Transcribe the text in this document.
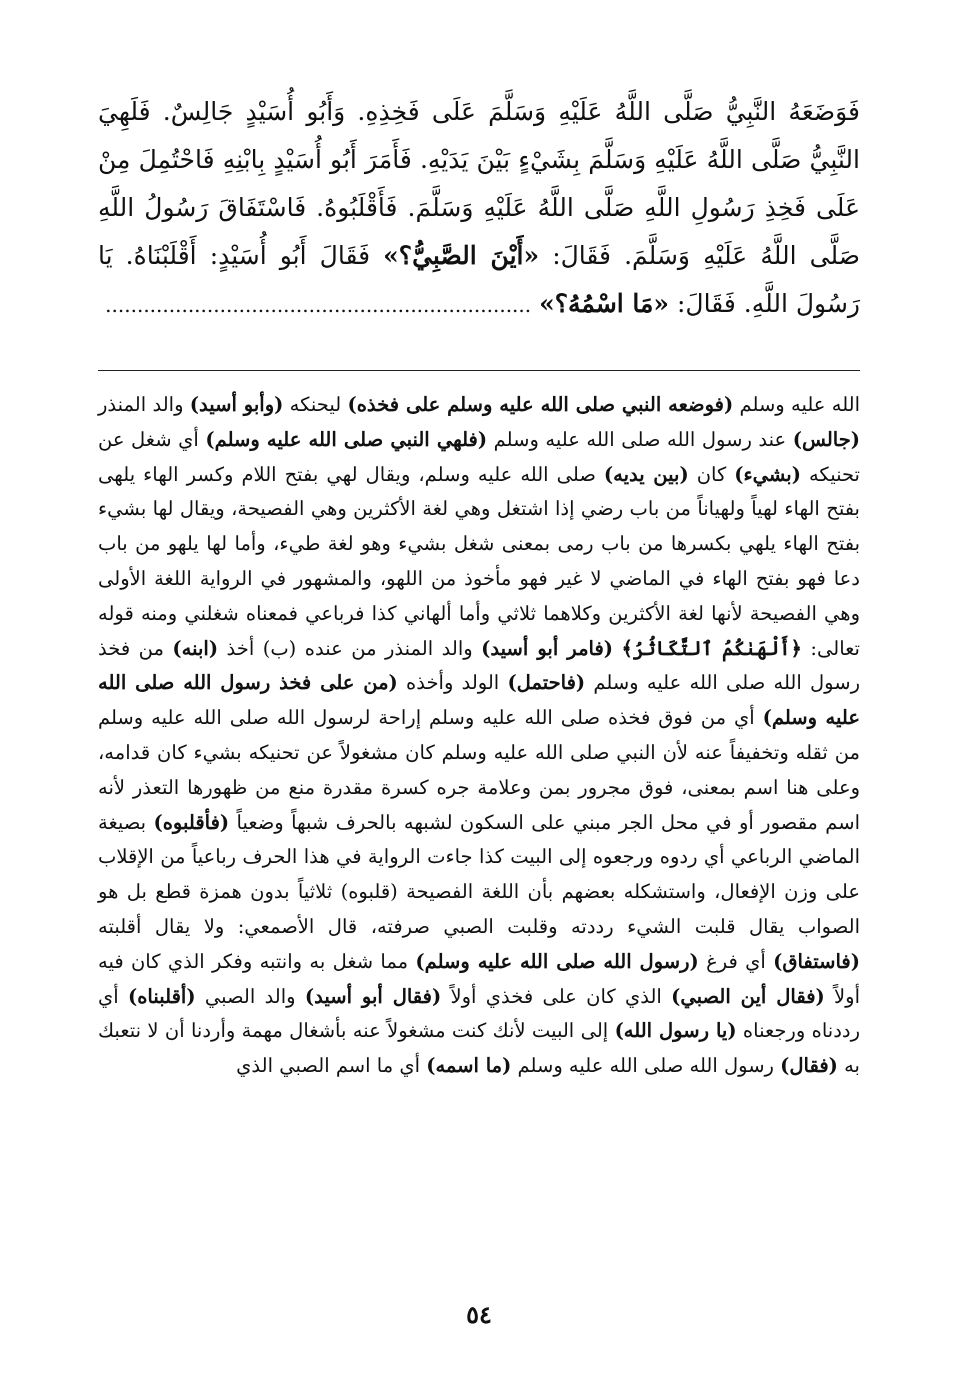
فَوَضَعَهُ النَّبِيُّ صَلَّى اللَّهُ عَلَيْهِ وَسَلَّمَ عَلَى فَخِذِهِ. وَأَبُو أُسَيْدٍ جَالِسٌ. فَلَهِيَ النَّبِيُّ صَلَّى اللَّهُ عَلَيْهِ وَسَلَّمَ بِشَيْءٍ بَيْنَ يَدَيْهِ. فَأَمَرَ أَبُو أُسَيْدٍ بِابْنِهِ فَاحْتُمِلَ مِنْ عَلَى فَخِذِ رَسُولِ اللَّهِ صَلَّى اللَّهُ عَلَيْهِ وَسَلَّمَ. فَأَقْلَبُوهُ. فَاسْتَفَاقَ رَسُولُ اللَّهِ صَلَّى اللَّهُ عَلَيْهِ وَسَلَّمَ. فَقَالَ: «أَيْنَ الصَّبِيُّ؟» فَقَالَ أَبُو أُسَيْدٍ: أَقْلَبْنَاهُ. يَا رَسُولَ اللَّهِ. فَقَالَ: «مَا اسْمُهُ؟» ...................................................................

الله عليه وسلم (فوضعه النبي صلى الله عليه وسلم على فخذه) ليحنكه (وأبو أسيد) والد المنذر (جالس) عند رسول الله صلى الله عليه وسلم (فلهي النبي صلى الله عليه وسلم) أي شغل عن تحنيكه (بشيء) كان (بين يديه) صلى الله عليه وسلم، ويقال لهي بفتح اللام وكسر الهاء يلهى بفتح الهاء لهياً ولهياناً من باب رضي إذا اشتغل وهي لغة الأكثرين وهي الفصيحة، ويقال لها بشيء بفتح الهاء يلهي بكسرها من باب رمى بمعنى شغل بشيء وهو لغة طيء، وأما لها يلهو من باب دعا فهو بفتح الهاء في الماضي لا غير فهو مأخوذ من اللهو، والمشهور في الرواية اللغة الأولى وهي الفصيحة لأنها لغة الأكثرين وكلاهما ثلاثي وأما ألهاني كذا فرباعي فمعناه شغلني ومنه قوله تعالى: ﴿أَلْهَىٰكُمُ ٱلتَّكَاثُرُ﴾ (فامر أبو أسيد) والد المنذر من عنده (ب) أخذ (ابنه) من فخذ رسول الله صلى الله عليه وسلم (فاحتمل) الولد وأخذه (من على فخذ رسول الله صلى الله عليه وسلم) أي من فوق فخذه صلى الله عليه وسلم إراحة لرسول الله صلى الله عليه وسلم من ثقله وتخفيفاً عنه لأن النبي صلى الله عليه وسلم كان مشغولاً عن تحنيكه بشيء كان قدامه، وعلى هنا اسم بمعنى، فوق مجرور بمن وعلامة جره كسرة مقدرة منع من ظهورها التعذر لأنه اسم مقصور أو في محل الجر مبني على السكون لشبهه بالحرف شبهاً وضعياً (فأقلبوه) بصيغة الماضي الرباعي أي ردوه ورجعوه إلى البيت كذا جاءت الرواية في هذا الحرف رباعياً من الإقلاب على وزن الإفعال، واستشكله بعضهم بأن اللغة الفصيحة (قلبوه) ثلاثياً بدون همزة قطع بل هو الصواب يقال قلبت الشيء رددته وقلبت الصبي صرفته، قال الأصمعي: ولا يقال أقلبته (فاستفاق) أي فرغ (رسول الله صلى الله عليه وسلم) مما شغل به وانتبه وفكر الذي كان فيه أولاً (فقال أين الصبي) الذي كان على فخذي أولاً (فقال أبو أسيد) والد الصبي (أقلبناه) أي رددناه ورجعناه (يا رسول الله) إلى البيت لأنك كنت مشغولاً عنه بأشغال مهمة وأردنا أن لا نتعبك به (فقال) رسول الله صلى الله عليه وسلم (ما اسمه) أي ما اسم الصبي الذي

٥٤
